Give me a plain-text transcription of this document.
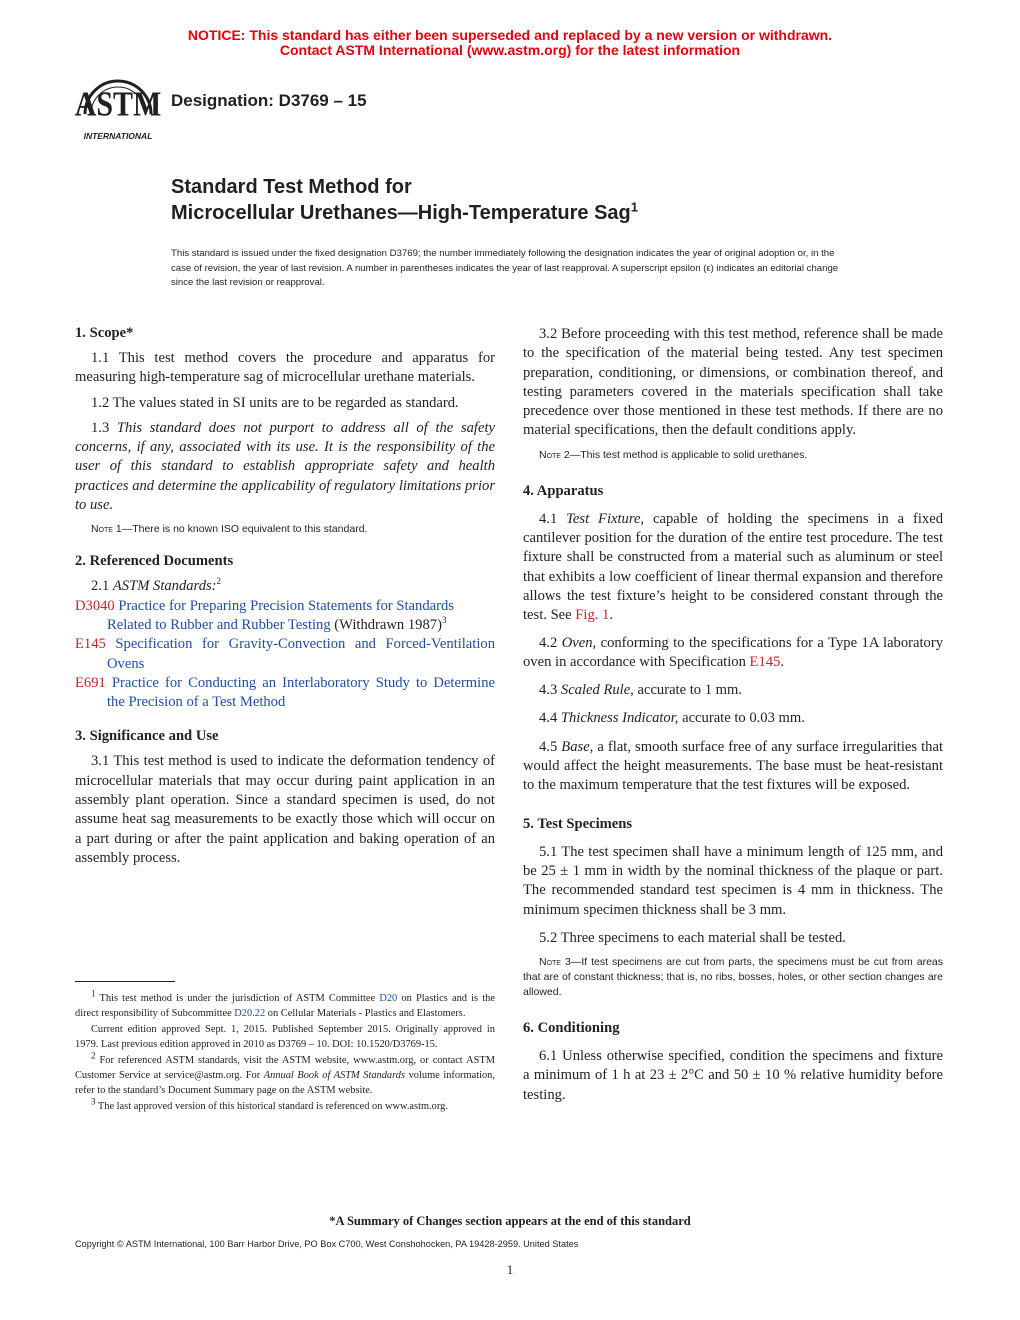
NOTICE: This standard has either been superseded and replaced by a new version or withdrawn.
Contact ASTM International (www.astm.org) for the latest information
ASTM
INTERNATIONAL
Designation: D3769 – 15
Standard Test Method for
Microcellular Urethanes—High-Temperature Sag$^1$
This standard is issued under the fixed designation D3769; the number immediately following the designation indicates the year of original adoption or, in the case of revision, the year of last revision. A number in parentheses indicates the year of last reapproval. A superscript epsilon (ε) indicates an editorial change since the last revision or reapproval.

1. Scope*

1.1 This test method covers the procedure and apparatus for measuring high-temperature sag of microcellular urethane materials.

1.2 The values stated in SI units are to be regarded as standard.

1.3 This standard does not purport to address all of the safety concerns, if any, associated with its use. It is the responsibility of the user of this standard to establish appropriate safety and health practices and determine the applicability of regulatory limitations prior to use.

Note 1—There is no known ISO equivalent to this standard.

2. Referenced Documents

2.1 ASTM Standards:$^2$

D3040 Practice for Preparing Precision Statements for Standards Related to Rubber and Rubber Testing (Withdrawn 1987)$^3$

E145 Specification for Gravity-Convection and Forced-Ventilation Ovens

E691 Practice for Conducting an Interlaboratory Study to Determine the Precision of a Test Method

3. Significance and Use

3.1 This test method is used to indicate the deformation tendency of microcellular materials that may occur during paint application in an assembly plant operation. Since a standard specimen is used, do not assume heat sag measurements to be exactly those which will occur on a part during or after the paint application and baking operation of an assembly process.

$^1$ This test method is under the jurisdiction of ASTM Committee D20 on Plastics and is the direct responsibility of Subcommittee D20.22 on Cellular Materials - Plastics and Elastomers.

Current edition approved Sept. 1, 2015. Published September 2015. Originally approved in 1979. Last previous edition approved in 2010 as D3769 – 10. DOI: 10.1520/D3769-15.

$^2$ For referenced ASTM standards, visit the ASTM website, www.astm.org, or contact ASTM Customer Service at service@astm.org. For Annual Book of ASTM Standards volume information, refer to the standard’s Document Summary page on the ASTM website.

$^3$ The last approved version of this historical standard is referenced on www.astm.org.

3.2 Before proceeding with this test method, reference shall be made to the specification of the material being tested. Any test specimen preparation, conditioning, or dimensions, or combination thereof, and testing parameters covered in the materials specification shall take precedence over those mentioned in these test methods. If there are no material specifications, then the default conditions apply.

Note 2—This test method is applicable to solid urethanes.

4. Apparatus

4.1 Test Fixture, capable of holding the specimens in a fixed cantilever position for the duration of the entire test procedure. The test fixture shall be constructed from a material such as aluminum or steel that exhibits a low coefficient of linear thermal expansion and therefore allows the test fixture’s height to be considered constant through the test. See Fig. 1.

4.2 Oven, conforming to the specifications for a Type 1A laboratory oven in accordance with Specification E145.

4.3 Scaled Rule, accurate to 1 mm.

4.4 Thickness Indicator, accurate to 0.03 mm.

4.5 Base, a flat, smooth surface free of any surface irregularities that would affect the height measurements. The base must be heat-resistant to the maximum temperature that the test fixtures will be exposed.

5. Test Specimens

5.1 The test specimen shall have a minimum length of 125 mm, and be 25 ± 1 mm in width by the nominal thickness of the plaque or part. The recommended standard test specimen is 4 mm in thickness. The minimum specimen thickness shall be 3 mm.

5.2 Three specimens to each material shall be tested.

Note 3—If test specimens are cut from parts, the specimens must be cut from areas that are of constant thickness; that is, no ribs, bosses, holes, or other section changes are allowed.

6. Conditioning

6.1 Unless otherwise specified, condition the specimens and fixture a minimum of 1 h at 23 ± 2°C and 50 ± 10 % relative humidity before testing.

*A Summary of Changes section appears at the end of this standard
Copyright © ASTM International, 100 Barr Harbor Drive, PO Box C700, West Conshohocken, PA 19428-2959. United States
1
